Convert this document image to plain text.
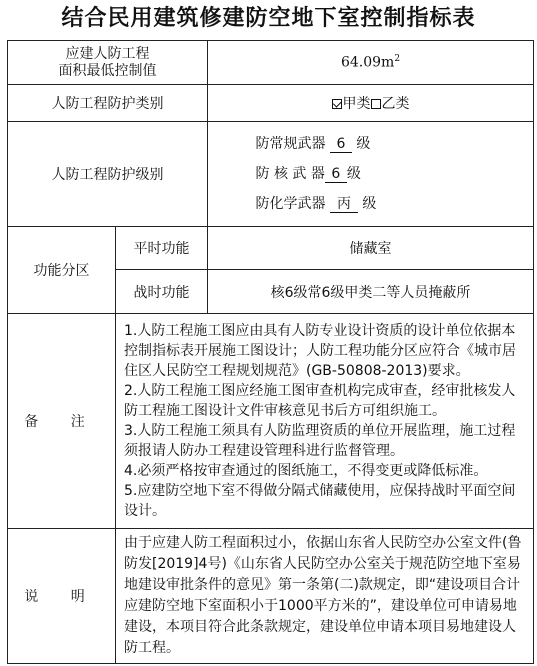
结合民用建筑修建防空地下室控制指标表
应建人防工程
面积最低控制值		$64.09m^2$
人防工程防护类别		甲类 乙类
人防工程防护级别		防常规武器 6 级
防 核 武 器 6 级
防化学武器 丙 级

功能分区	平时功能	储藏室
	战时功能	核6级常6级甲类二等人员掩蔽所
备 注	1.人防工程施工图应由具有人防专业设计资质的设计单位依据本控制指标表开展施工图设计；人防工程功能分区应符合《城市居住区人民防空工程规划规范》(GB-50808-2013)要求。

2.人防工程施工图应经施工图审查机构完成审查，经审批核发人防工程施工图设计文件审核意见书后方可组织施工。

3.人防工程施工须具有人防监理资质的单位开展监理，施工过程须报请人防办工程建设管理科进行监督管理。

4.必须严格按审查通过的图纸施工，不得变更或降低标准。

5.应建防空地下室不得做分隔式储藏使用，应保持战时平面空间设计。	

说 明	由于应建人防工程面积过小，依据山东省人民防空办公室文件(鲁防发[2019]4号)《山东省人民防空办公室关于规范防空地下室易地建设审批条件的意见》第一条第(二)款规定，即“建设项目合计应建防空地下室面积小于1000平方米的”，建设单位可申请易地建设，本项目符合此条款规定，建设单位申请本项目易地建设人防工程。	
